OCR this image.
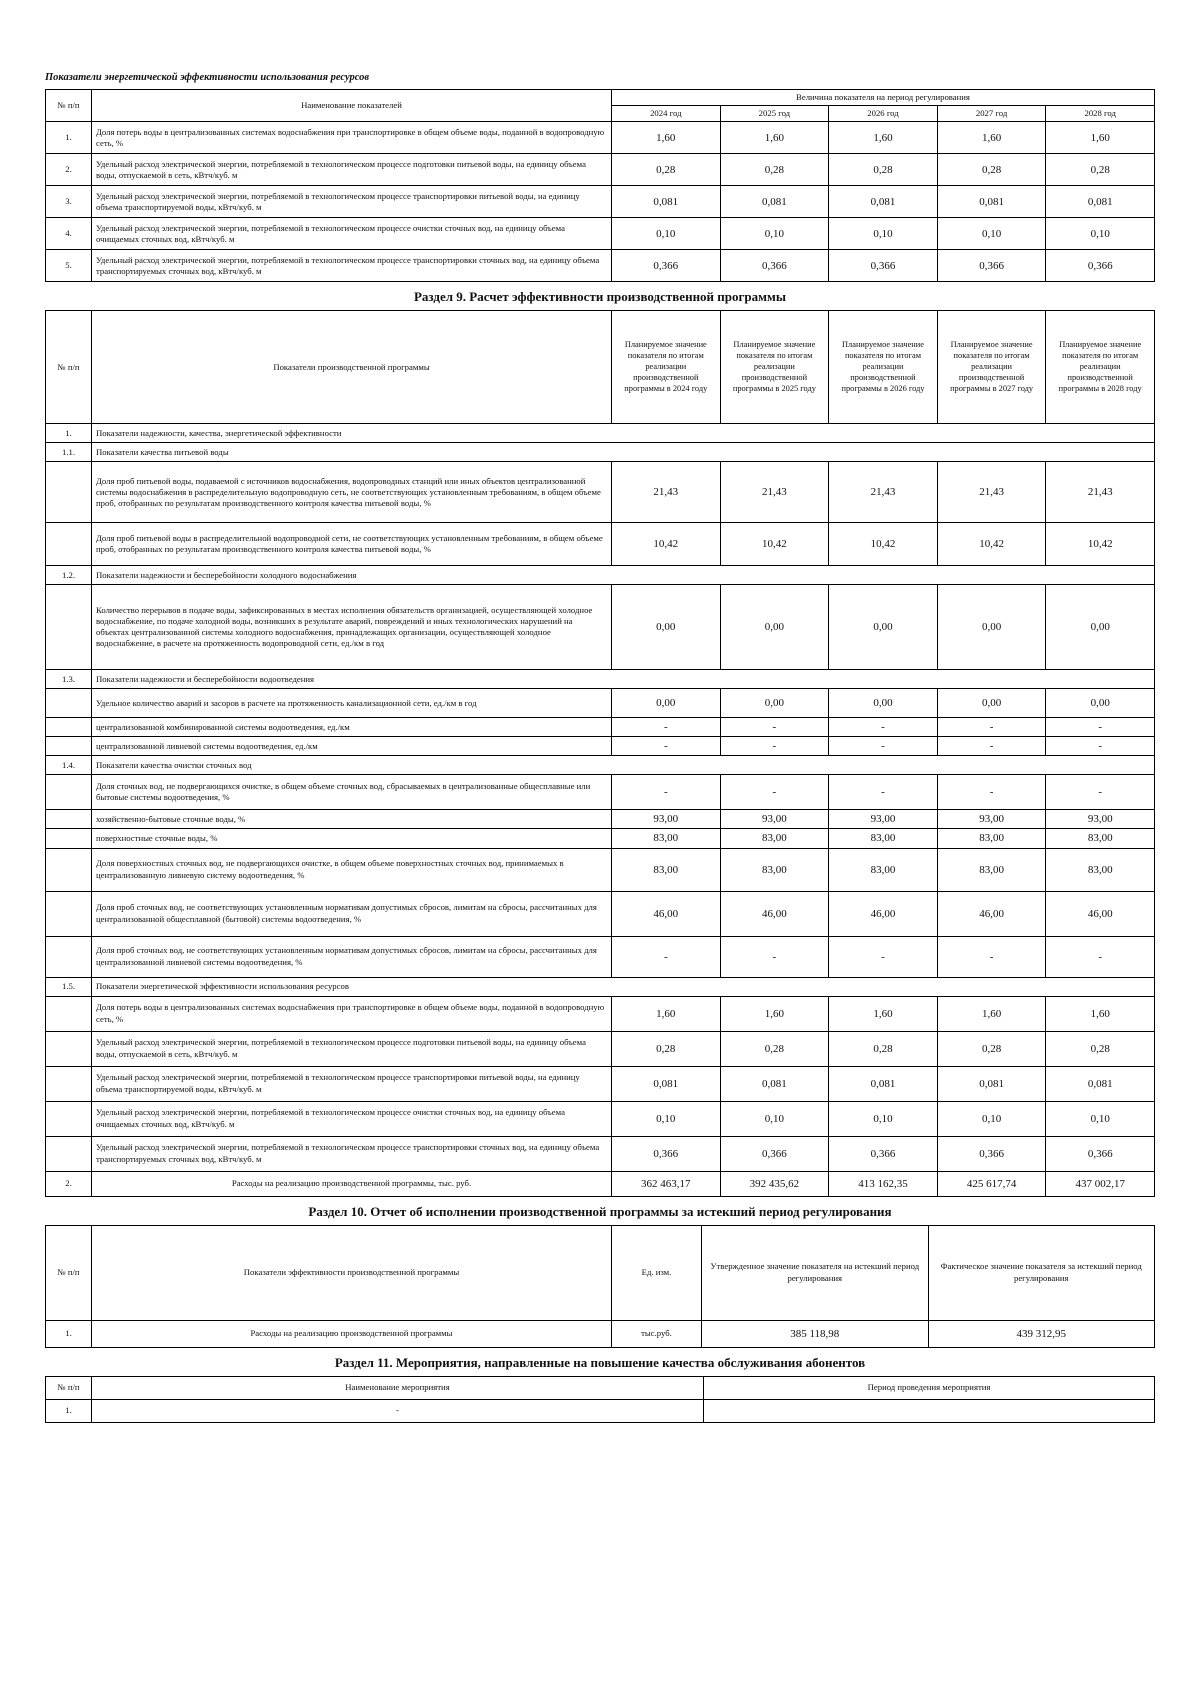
Показатели энергетической эффективности использования ресурсов
№ п/п	Наименование показателей	Величина показателя на период регулирования				
		2024 год	2025 год	2026 год	2027 год	2028 год
1.	Доля потерь воды в централизованных системах водоснабжения при транспортировке в общем объеме воды, поданной в водопроводную сеть, %	1,60	1,60	1,60	1,60	1,60
2.	Удельный расход электрической энергии, потребляемой в технологическом процессе подготовки питьевой воды, на единицу объема воды, отпускаемой в сеть, кВтч/куб. м	0,28	0,28	0,28	0,28	0,28
3.	Удельный расход электрической энергии, потребляемой в технологическом процессе транспортировки питьевой воды, на единицу объема транспортируемой воды, кВтч/куб. м	0,081	0,081	0,081	0,081	0,081
4.	Удельный расход электрической энергии, потребляемой в технологическом процессе очистки сточных вод, на единицу объема очищаемых сточных вод, кВтч/куб. м	0,10	0,10	0,10	0,10	0,10
5.	Удельный расход электрической энергии, потребляемой в технологическом процессе транспортировки сточных вод, на единицу объема транспортируемых сточных вод, кВтч/куб. м	0,366	0,366	0,366	0,366	0,366
Раздел 9. Расчет эффективности производственной программы
№ п/п	Показатели производственной программы	Планируемое значение показателя по итогам реализации производственной программы в 2024 году	Планируемое значение показателя по итогам реализации производственной программы в 2025 году	Планируемое значение показателя по итогам реализации производственной программы в 2026 году	Планируемое значение показателя по итогам реализации производственной программы в 2027 году	Планируемое значение показателя по итогам реализации производственной программы в 2028 году
1.	Показатели надежности, качества, энергетической эффективности					
1.1.	Показатели качества питьевой воды					
	Доля проб питьевой воды, подаваемой с источников водоснабжения, водопроводных станций или иных объектов централизованной системы водоснабжения в распределительную водопроводную сеть, не соответствующих установленным требованиям, в общем объеме проб, отобранных по результатам производственного контроля качества питьевой воды, %	21,43	21,43	21,43	21,43	21,43
	Доля проб питьевой воды в распределительной водопроводной сети, не соответствующих установленным требованиям, в общем объеме проб, отобранных по результатам производственного контроля качества питьевой воды, %	10,42	10,42	10,42	10,42	10,42
1.2.	Показатели надежности и бесперебойности холодного водоснабжения					
	Количество перерывов в подаче воды, зафиксированных в местах исполнения обязательств организацией, осуществляющей холодное водоснабжение, по подаче холодной воды, возникших в результате аварий, повреждений и иных технологических нарушений на объектах централизованной системы холодного водоснабжения, принадлежащих организации, осуществляющей холодное водоснабжение, в расчете на протяженность водопроводной сети, ед./км в год	0,00	0,00	0,00	0,00	0,00
1.3.	Показатели надежности и бесперебойности водоотведения					
	Удельное количество аварий и засоров в расчете на протяженность канализационной сети, ед./км в год	0,00	0,00	0,00	0,00	0,00
	централизованной комбинированной системы водоотведения, ед./км	-	-	-	-	-
	централизованной ливневой системы водоотведения, ед./км	-	-	-	-	-
1.4.	Показатели качества очистки сточных вод					
	Доля сточных вод, не подвергающихся очистке, в общем объеме сточных вод, сбрасываемых в централизованные общесплавные или бытовые системы водоотведения, %	-	-	-	-	-
	хозяйственно-бытовые сточные воды, %	93,00	93,00	93,00	93,00	93,00
	поверхностные сточные воды, %	83,00	83,00	83,00	83,00	83,00
	Доля поверхностных сточных вод, не подвергающихся очистке, в общем объеме поверхностных сточных вод, принимаемых в централизованную ливневую систему водоотведения, %	83,00	83,00	83,00	83,00	83,00
	Доля проб сточных вод, не соответствующих установленным нормативам допустимых сбросов, лимитам на сбросы, рассчитанных для централизованной общесплавной (бытовой) системы водоотведения, %	46,00	46,00	46,00	46,00	46,00
	Доля проб сточных вод, не соответствующих установленным нормативам допустимых сбросов, лимитам на сбросы, рассчитанных для централизованной ливневой системы водоотведения, %	-	-	-	-	-
1.5.	Показатели энергетической эффективности использования ресурсов					
	Доля потерь воды в централизованных системах водоснабжения при транспортировке в общем объеме воды, поданной в водопроводную сеть, %	1,60	1,60	1,60	1,60	1,60
	Удельный расход электрической энергии, потребляемой в технологическом процессе подготовки питьевой воды, на единицу объема воды, отпускаемой в сеть, кВтч/куб. м	0,28	0,28	0,28	0,28	0,28
	Удельный расход электрической энергии, потребляемой в технологическом процессе транспортировки питьевой воды, на единицу объема транспортируемой воды, кВтч/куб. м	0,081	0,081	0,081	0,081	0,081
	Удельный расход электрической энергии, потребляемой в технологическом процессе очистки сточных вод, на единицу объема очищаемых сточных вод, кВтч/куб. м	0,10	0,10	0,10	0,10	0,10
	Удельный расход электрической энергии, потребляемой в технологическом процессе транспортировки сточных вод, на единицу объема транспортируемых сточных вод, кВтч/куб. м	0,366	0,366	0,366	0,366	0,366
2.	Расходы на реализацию производственной программы, тыс. руб.	362 463,17	392 435,62	413 162,35	425 617,74	437 002,17
Раздел 10. Отчет об исполнении производственной программы за истекший период регулирования
№ п/п	Показатели эффективности производственной программы	Ед. изм.	Утвержденное значение показателя на истекший период регулирования	Фактическое значение показателя за истекший период регулирования
1.	Расходы на реализацию производственной программы	тыс.руб.	385 118,98	439 312,95
Раздел 11. Мероприятия, направленные на повышение качества обслуживания абонентов
№ п/п	Наименование мероприятия	Период проведения мероприятия
1.	-	
